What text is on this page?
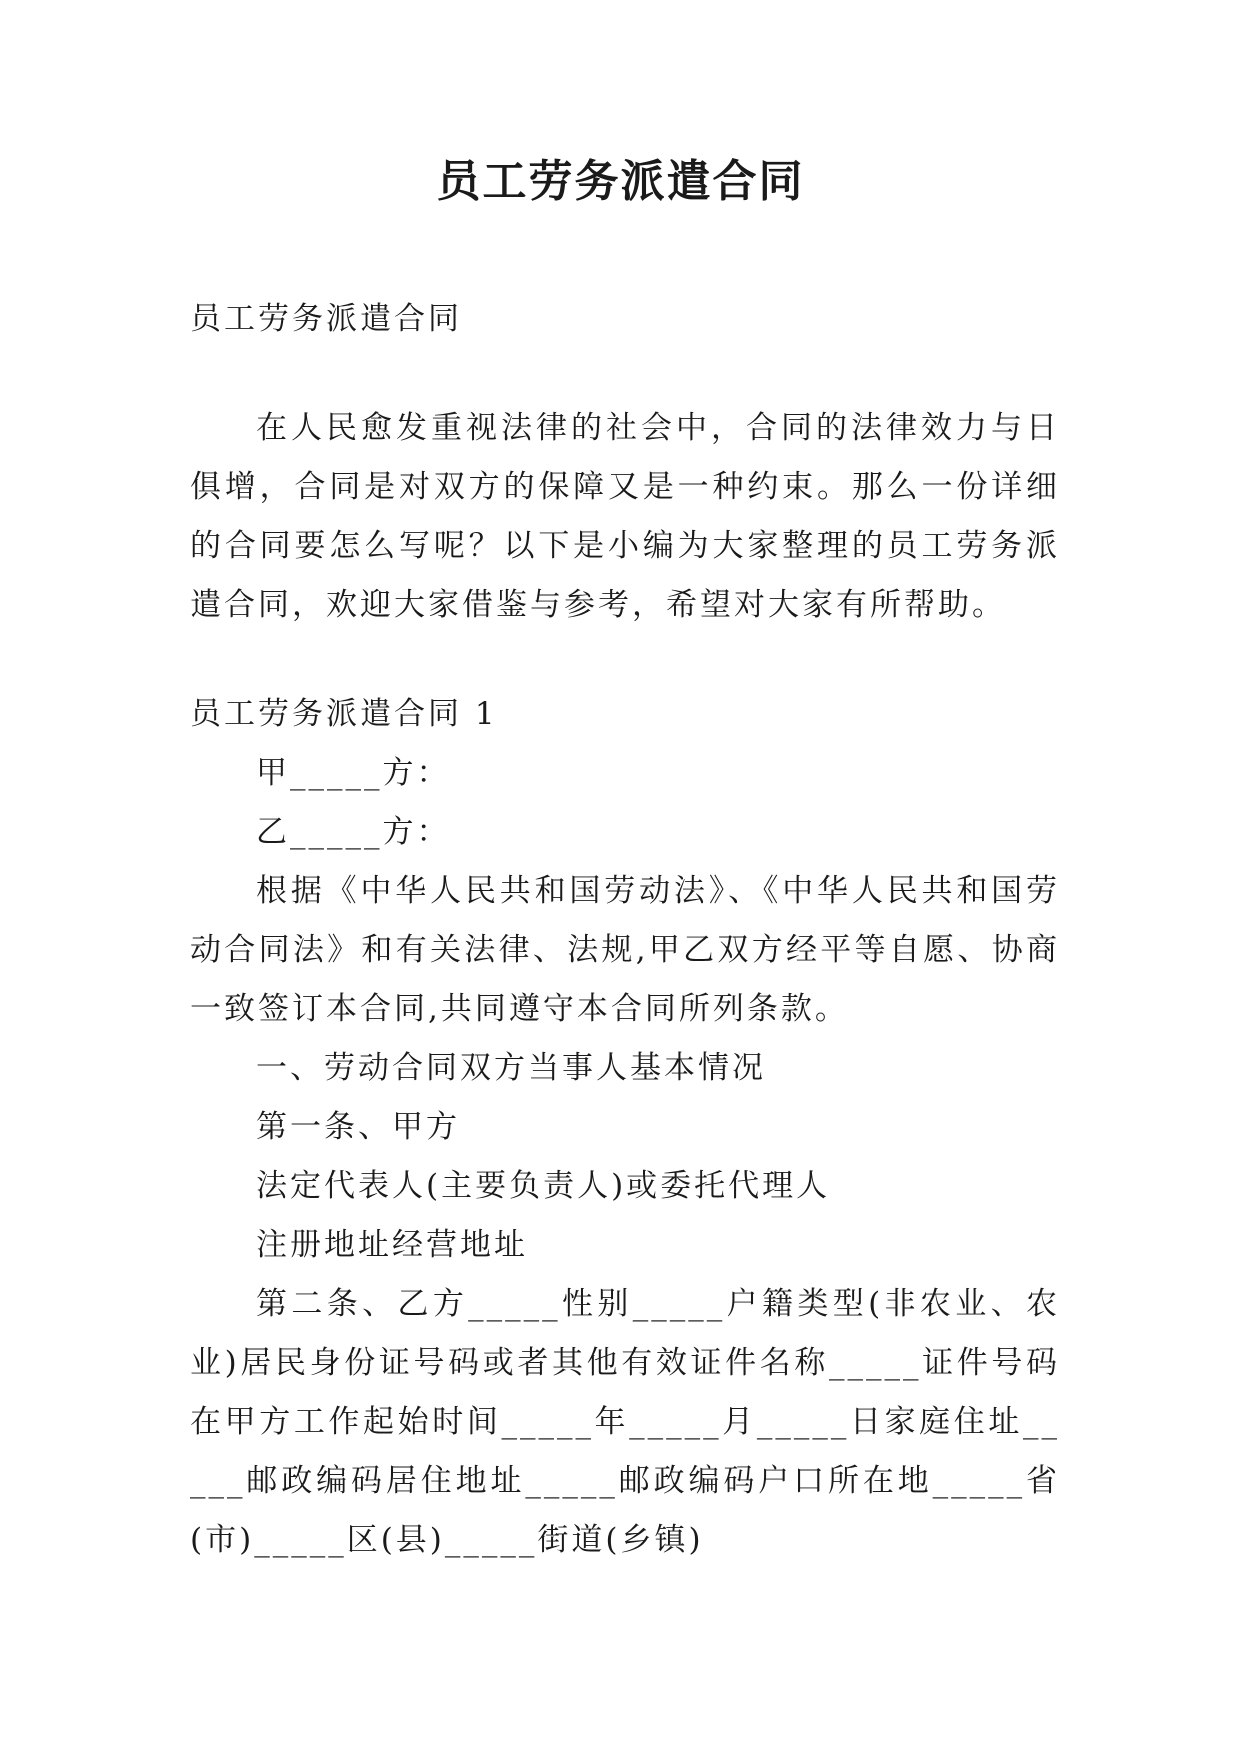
员工劳务派遣合同

员工劳务派遣合同

在人民愈发重视法律的社会中，合同的法律效力与日俱增，合同是对双方的保障又是一种约束。那么一份详细的合同要怎么写呢？以下是小编为大家整理的员工劳务派遣合同，欢迎大家借鉴与参考，希望对大家有所帮助。

员工劳务派遣合同 1

甲_____方：

乙_____方：

根据《中华人民共和国劳动法》、《中华人民共和国劳动合同法》和有关法律、法规,甲乙双方经平等自愿、协商一致签订本合同,共同遵守本合同所列条款。

一、劳动合同双方当事人基本情况

第一条、甲方

法定代表人(主要负责人)或委托代理人

注册地址经营地址

第二条、乙方_____性别_____户籍类型(非农业、农业)居民身份证号码或者其他有效证件名称_____证件号码在甲方工作起始时间_____年_____月_____日家庭住址_____邮政编码居住地址_____邮政编码户口所在地_____省(市)_____区(县)_____街道(乡镇)
